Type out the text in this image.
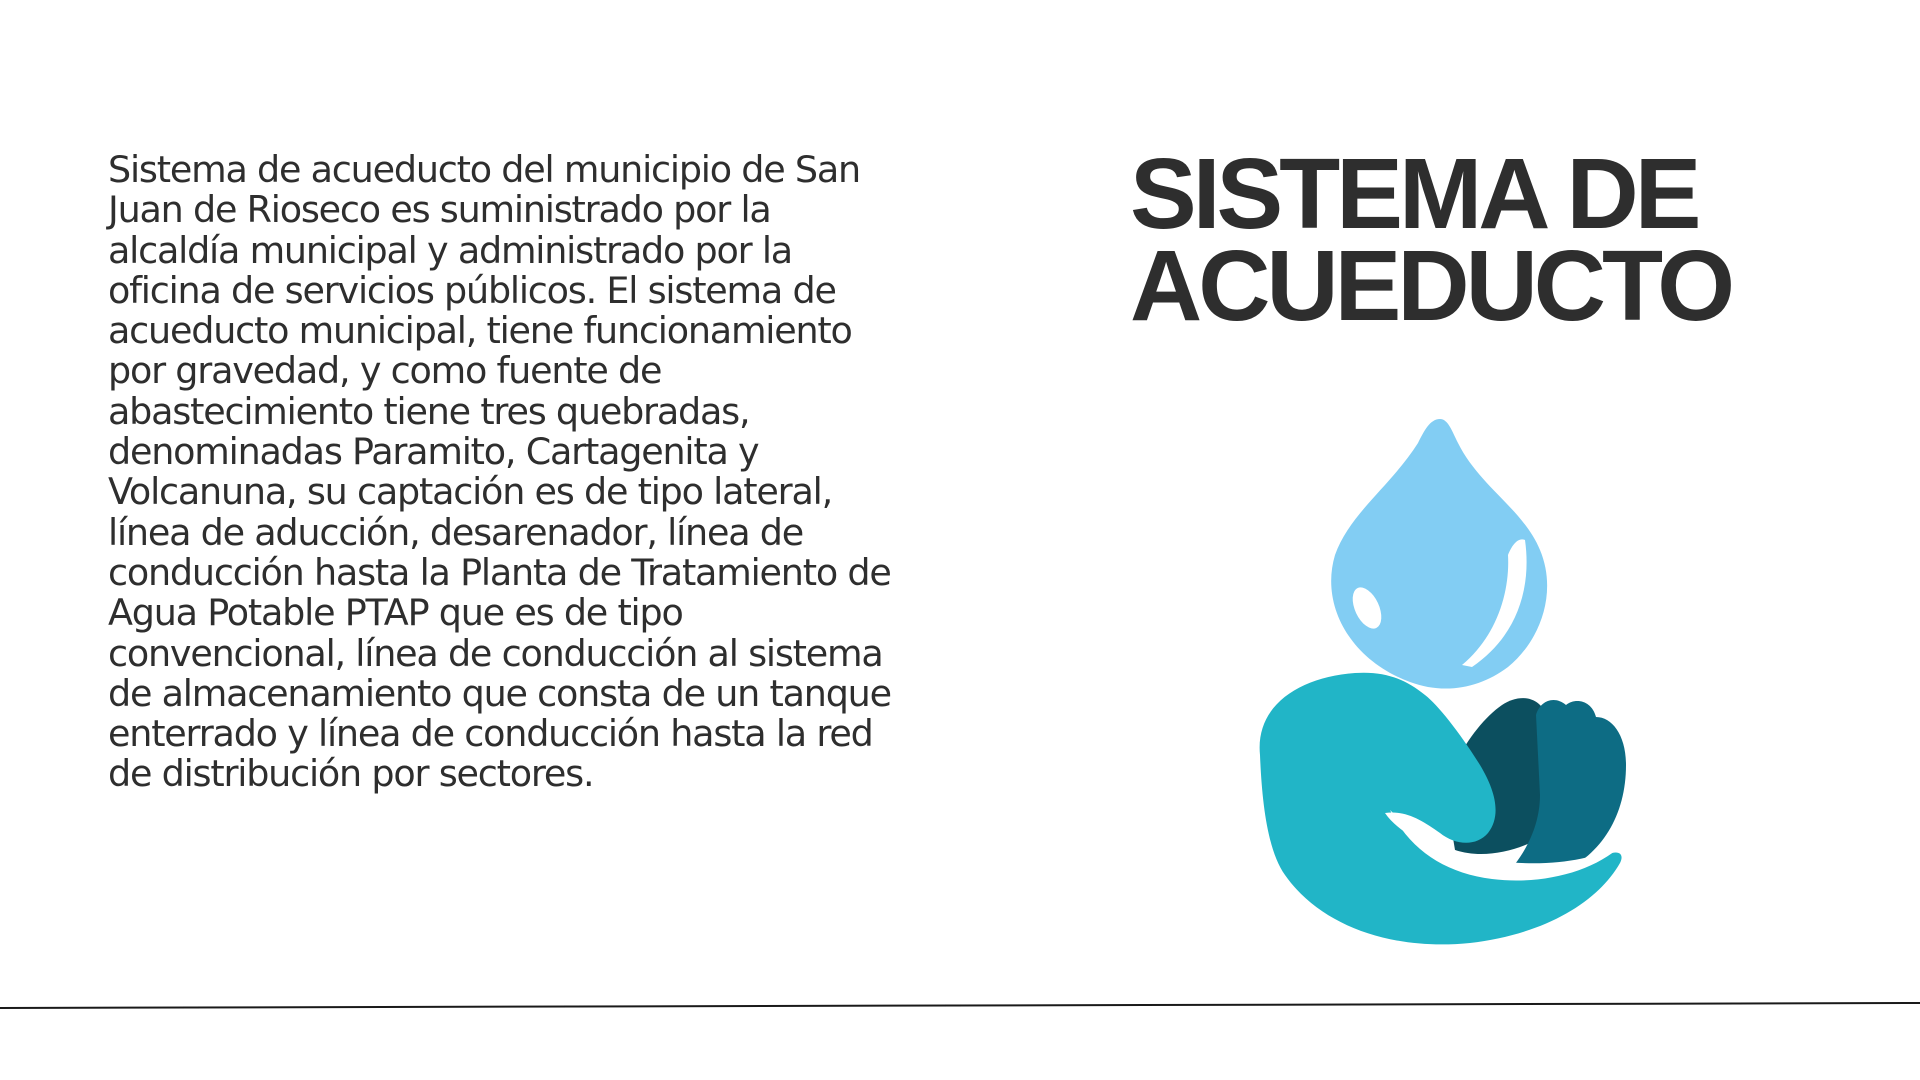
Sistema de acueducto del municipio de San Juan de Rioseco es suministrado por la alcaldía municipal y administrado por la oficina de servicios públicos. El sistema de acueducto municipal, tiene funcionamiento por gravedad, y como fuente de abastecimiento tiene tres quebradas, denominadas Paramito, Cartagenita y Volcanuna, su captación es de tipo lateral, línea de aducción, desarenador, línea de conducción hasta la Planta de Tratamiento de Agua Potable PTAP que es de tipo convencional, línea de conducción al sistema de almacenamiento que consta de un tanque enterrado y línea de conducción hasta la red de distribución por sectores.

SISTEMA DE
ACUEDUCTO
